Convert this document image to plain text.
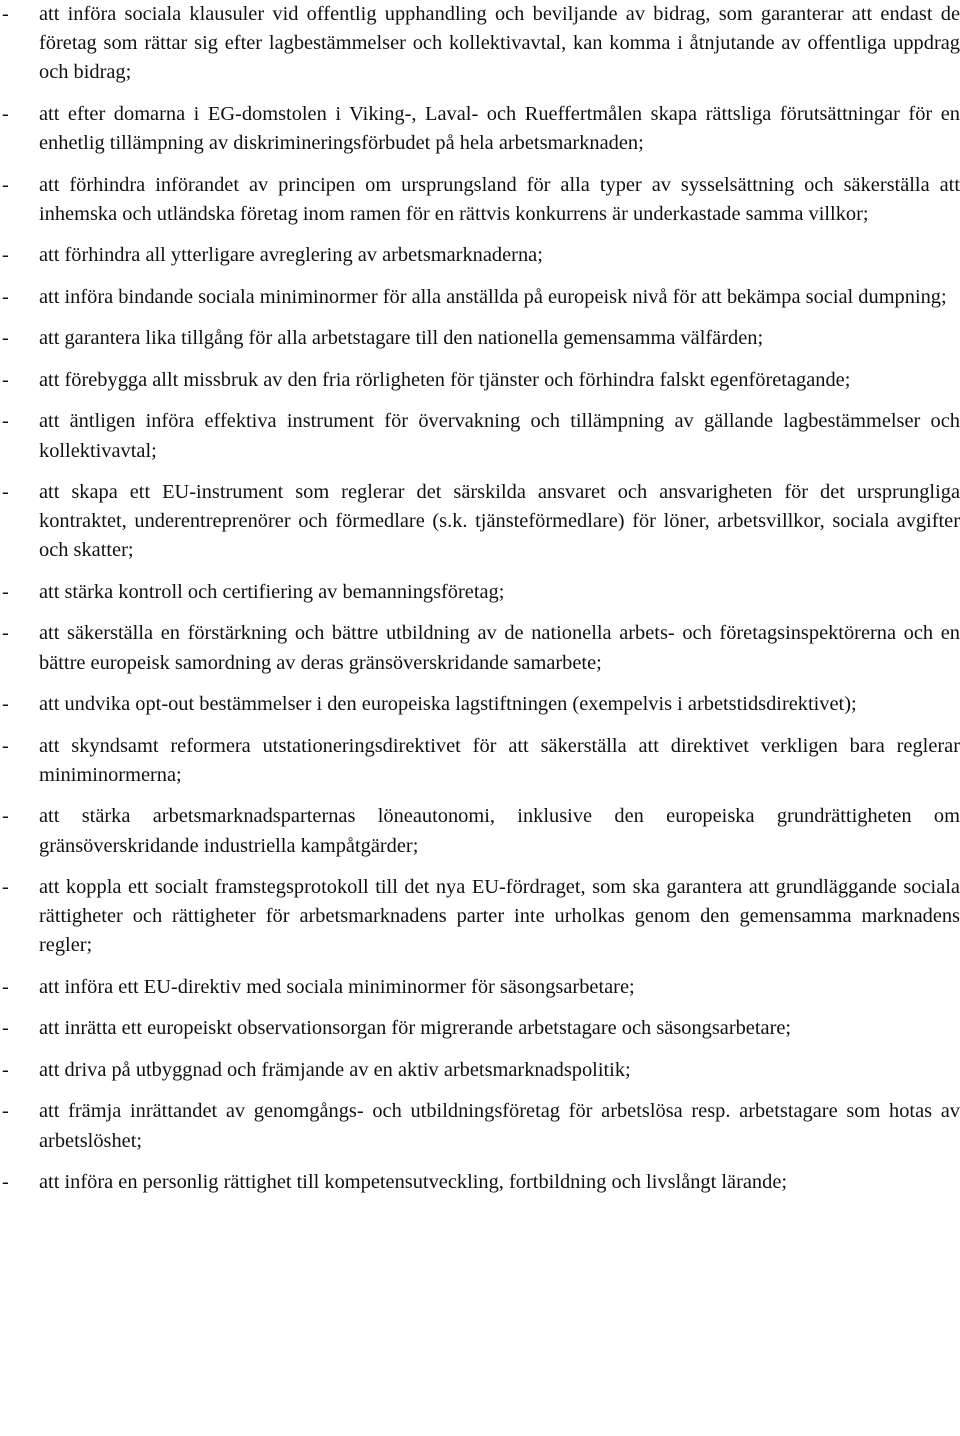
-	att införa sociala klausuler vid offentlig upphandling och beviljande av bidrag, som garanterar att endast de företag som rättar sig efter lagbestämmelser och kollektivavtal, kan komma i åtnjutande av offentliga uppdrag och bidrag;
-	att efter domarna i EG-domstolen i Viking-, Laval- och Rueffertmålen skapa rättsliga förutsättningar för en enhetlig tillämpning av diskrimineringsförbudet på hela arbetsmarknaden;
-	att förhindra införandet av principen om ursprungsland för alla typer av sysselsättning och säkerställa att inhemska och utländska företag inom ramen för en rättvis konkurrens är underkastade samma villkor;
-	att förhindra all ytterligare avreglering av arbetsmarknaderna;
-	att införa bindande sociala miniminormer för alla anställda på europeisk nivå för att bekämpa social dumpning;
-	att garantera lika tillgång för alla arbetstagare till den nationella gemensamma välfärden;
-	att förebygga allt missbruk av den fria rörligheten för tjänster och förhindra falskt egenföretagande;
-	att äntligen införa effektiva instrument för övervakning och tillämpning av gällande lagbestämmelser och kollektivavtal;
-	att skapa ett EU-instrument som reglerar det särskilda ansvaret och ansvarigheten för det ursprungliga kontraktet, underentreprenörer och förmedlare (s.k. tjänsteförmedlare) för löner, arbetsvillkor, sociala avgifter och skatter;
-	att stärka kontroll och certifiering av bemanningsföretag;
-	att säkerställa en förstärkning och bättre utbildning av de nationella arbets- och företagsinspektörerna och en bättre europeisk samordning av deras gränsöverskridande samarbete;
-	att undvika opt-out bestämmelser i den europeiska lagstiftningen (exempelvis i arbetstidsdirektivet);
-	att skyndsamt reformera utstationeringsdirektivet för att säkerställa att direktivet verkligen bara reglerar miniminormerna;
-	att stärka arbetsmarknadsparternas löneautonomi, inklusive den europeiska grundrättigheten om gränsöverskridande industriella kampåtgärder;
-	att koppla ett socialt framstegsprotokoll till det nya EU-fördraget, som ska garantera att grundläggande sociala rättigheter och rättigheter för arbetsmarknadens parter inte urholkas genom den gemensamma marknadens regler;
-	att införa ett EU-direktiv med sociala miniminormer för säsongsarbetare;
-	att inrätta ett europeiskt observationsorgan för migrerande arbetstagare och säsongsarbetare;
-	att driva på utbyggnad och främjande av en aktiv arbetsmarknadspolitik;
-	att främja inrättandet av genomgångs- och utbildningsföretag för arbetslösa resp. arbetstagare som hotas av arbetslöshet;
-	att införa en personlig rättighet till kompetensutveckling, fortbildning och livslångt lärande;
